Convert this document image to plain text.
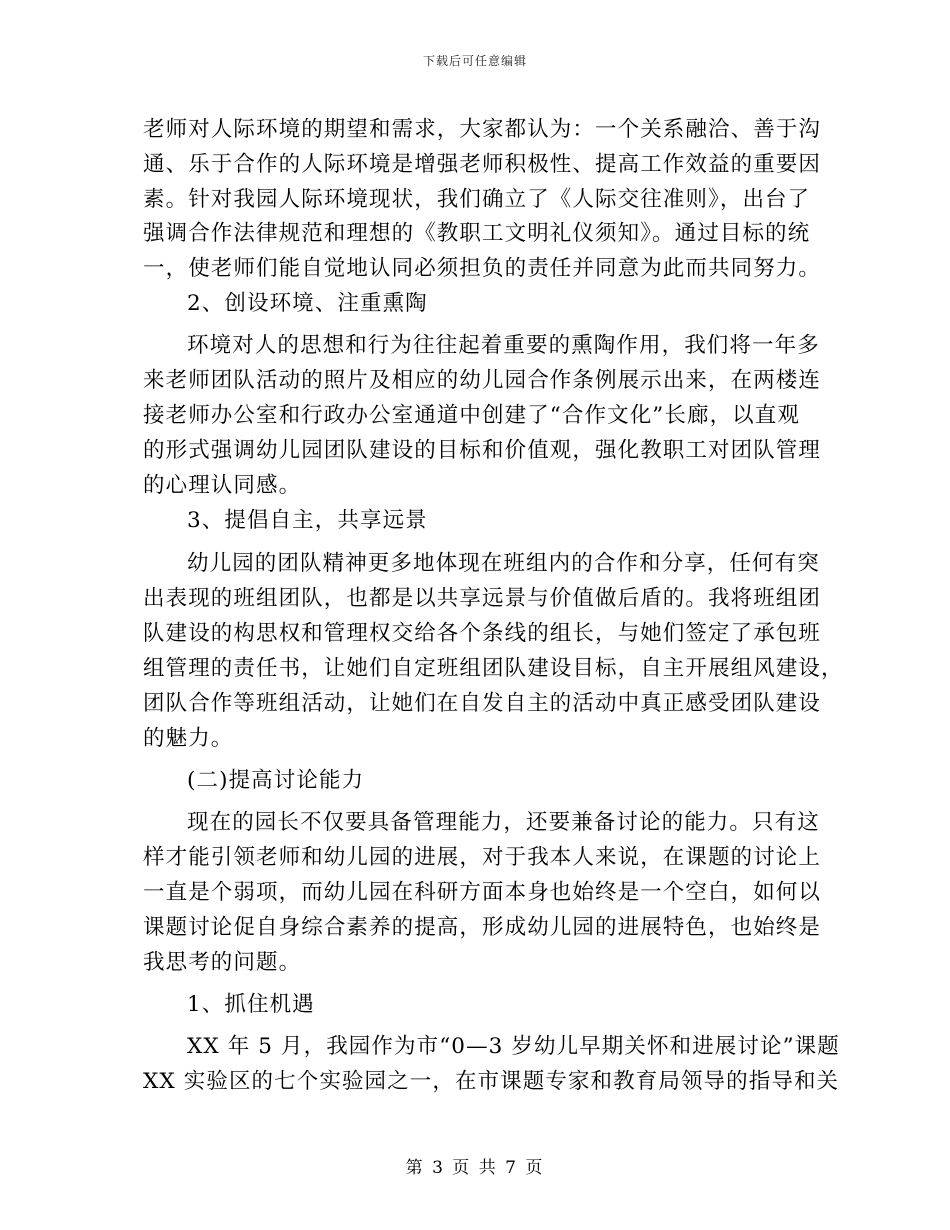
下载后可任意编辑
老师对人际环境的期望和需求，大家都认为：一个关系融洽、善于沟
通、乐于合作的人际环境是增强老师积极性、提高工作效益的重要因
素。针对我园人际环境现状，我们确立了《人际交往准则》，出台了
强调合作法律规范和理想的《教职工文明礼仪须知》。通过目标的统
一，使老师们能自觉地认同必须担负的责任并同意为此而共同努力。
2、创设环境、注重熏陶
环境对人的思想和行为往往起着重要的熏陶作用，我们将一年多
来老师团队活动的照片及相应的幼儿园合作条例展示出来，在两楼连
接老师办公室和行政办公室通道中创建了“合作文化”长廊，以直观
的形式强调幼儿园团队建设的目标和价值观，强化教职工对团队管理
的心理认同感。
3、提倡自主，共享远景
幼儿园的团队精神更多地体现在班组内的合作和分享，任何有突
出表现的班组团队，也都是以共享远景与价值做后盾的。我将班组团
队建设的构思权和管理权交给各个条线的组长，与她们签定了承包班
组管理的责任书，让她们自定班组团队建设目标，自主开展组风建设，
团队合作等班组活动，让她们在自发自主的活动中真正感受团队建设
的魅力。
(二)提高讨论能力
现在的园长不仅要具备管理能力，还要兼备讨论的能力。只有这
样才能引领老师和幼儿园的进展，对于我本人来说，在课题的讨论上
一直是个弱项，而幼儿园在科研方面本身也始终是一个空白，如何以
课题讨论促自身综合素养的提高，形成幼儿园的进展特色，也始终是
我思考的问题。
1、抓住机遇
XX 年 5 月，我园作为市“0—3 岁幼儿早期关怀和进展讨论”课题
XX 实验区的七个实验园之一，在市课题专家和教育局领导的指导和关
第 3 页 共 7 页
